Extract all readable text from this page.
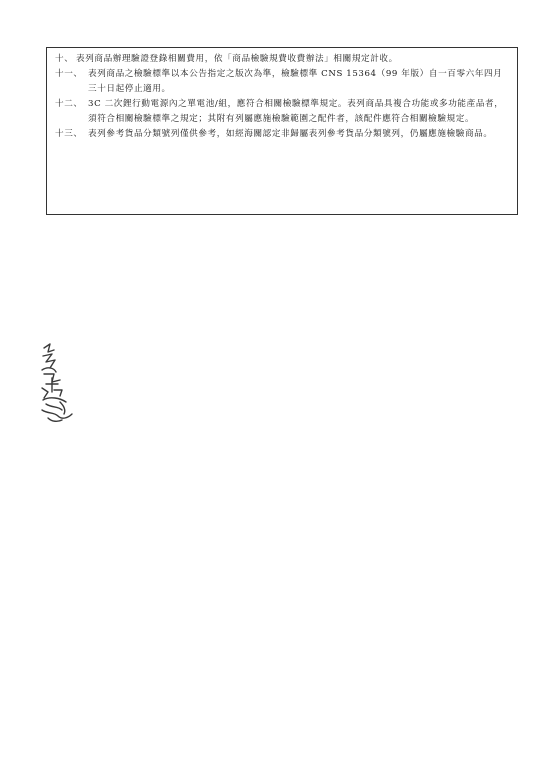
十、 表列商品辦理驗證登錄相關費用，依「商品檢驗規費收費辦法」相關規定計收。
十一、 表列商品之檢驗標準以本公告指定之版次為準，檢驗標準 CNS 15364（99 年版）自一百零六年四月三十日起停止適用。
十二、 3C 二次鋰行動電源內之單電池/組，應符合相關檢驗標準規定。表列商品具複合功能或多功能產品者，須符合相關檢驗標準之規定；其附有列屬應施檢驗範圍之配件者，該配件應符合相關檢驗規定。
十三、 表列參考貨品分類號列僅供參考，如經海關認定非歸屬表列參考貨品分類號列，仍屬應施檢驗商品。
